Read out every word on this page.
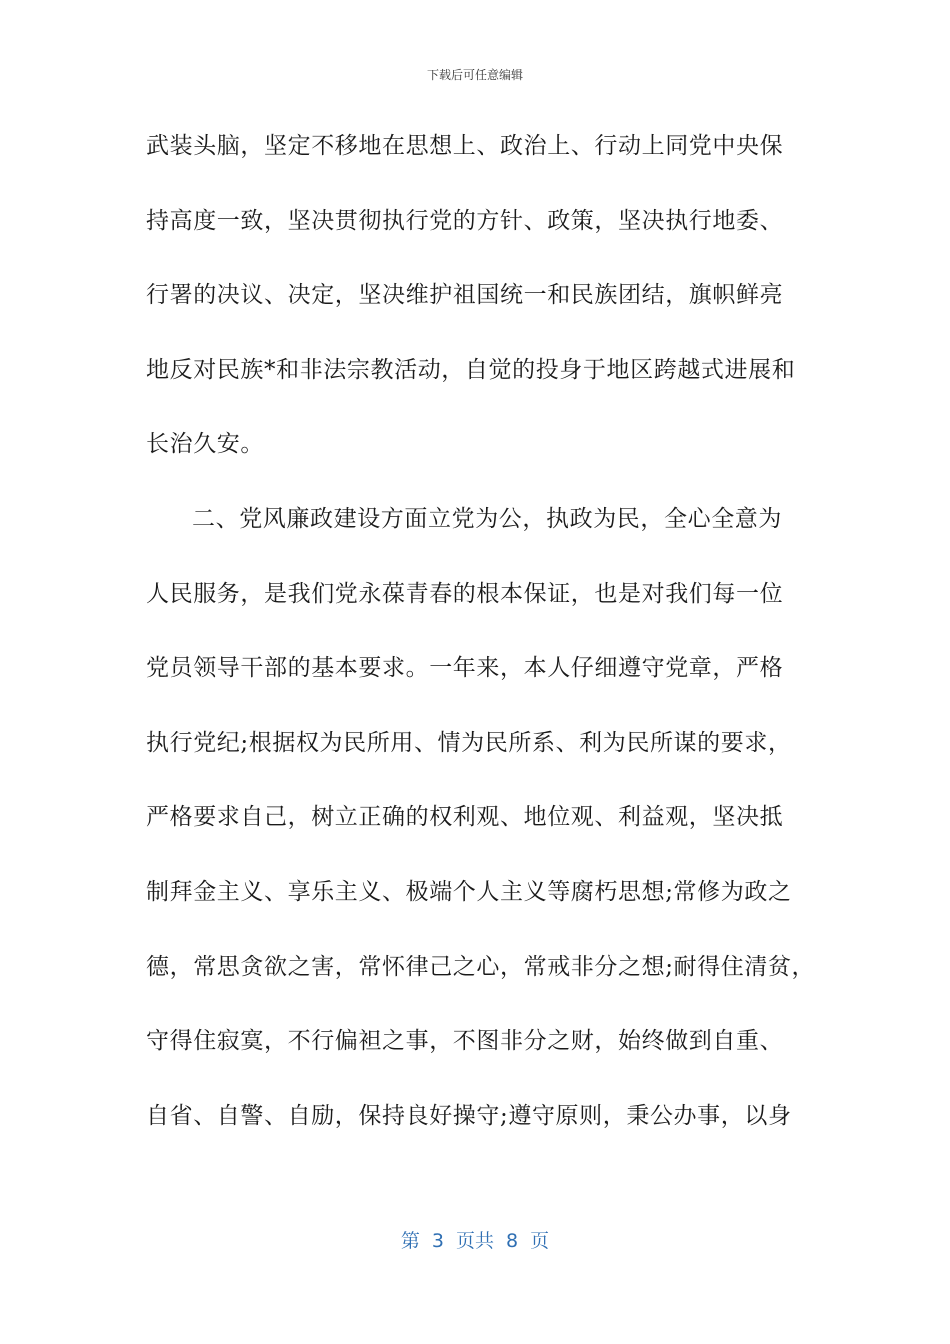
下载后可任意编辑
武装头脑，坚定不移地在思想上、政治上、行动上同党中央保
持高度一致，坚决贯彻执行党的方针、政策，坚决执行地委、
行署的决议、决定，坚决维护祖国统一和民族团结，旗帜鲜亮
地反对民族*和非法宗教活动，自觉的投身于地区跨越式进展和
长治久安。
二、党风廉政建设方面立党为公，执政为民，全心全意为
人民服务，是我们党永葆青春的根本保证，也是对我们每一位
党员领导干部的基本要求。一年来，本人仔细遵守党章，严格
执行党纪;根据权为民所用、情为民所系、利为民所谋的要求，
严格要求自己，树立正确的权利观、地位观、利益观，坚决抵
制拜金主义、享乐主义、极端个人主义等腐朽思想;常修为政之
德，常思贪欲之害，常怀律己之心，常戒非分之想;耐得住清贫，
守得住寂寞，不行偏袒之事，不图非分之财，始终做到自重、
自省、自警、自励，保持良好操守;遵守原则，秉公办事，以身
第 3 页共 8 页
